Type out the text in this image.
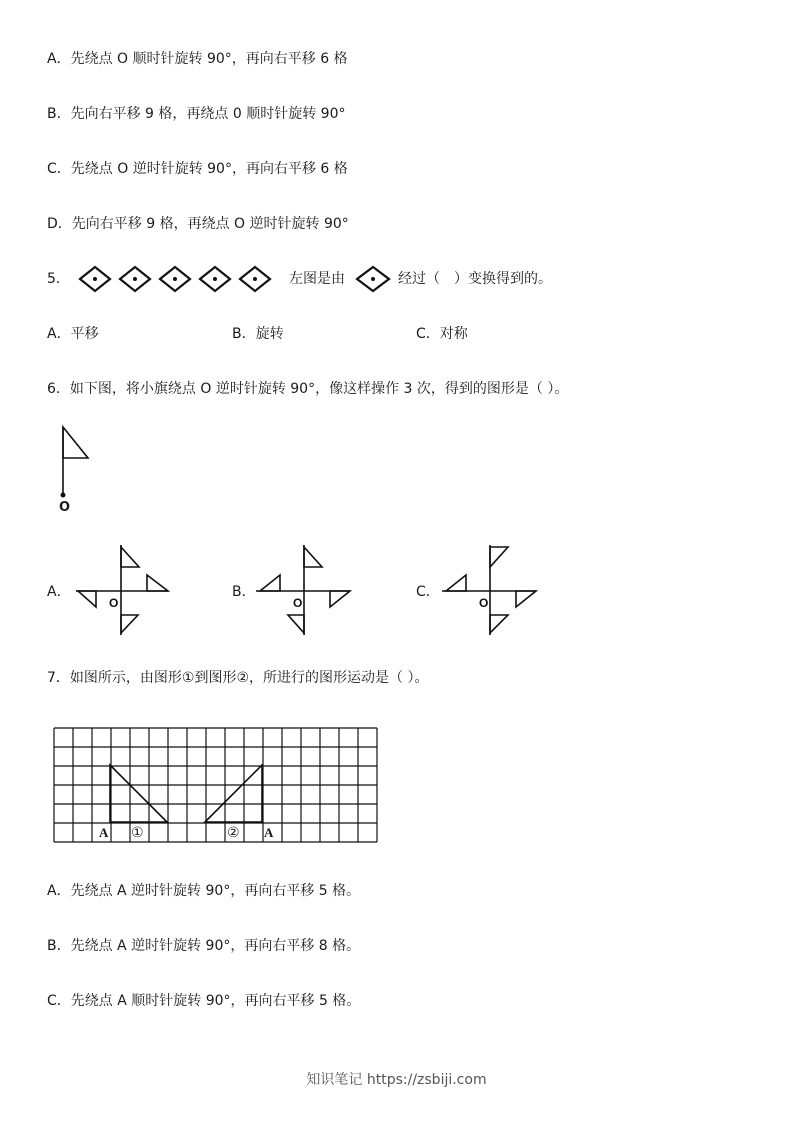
A．先绕点 O 顺时针旋转 90°，再向右平移 6 格
B．先向右平移 9 格，再绕点 0 顺时针旋转 90°
C．先绕点 O 逆时针旋转 90°，再向右平移 6 格
D．先向右平移 9 格，再绕点 O 逆时针旋转 90°
5．	左图是由	经过（　）变换得到的。
A．平移	B．旋转	C．对称
6．如下图，将小旗绕点 O 逆时针旋转 90°，像这样操作 3 次，得到的图形是（ ）。
O
A．
O
B．
O
C．
O
7．如图所示，由图形①到图形②，所进行的图形运动是（ ）。
A ①	② A
A．先绕点 A 逆时针旋转 90°，再向右平移 5 格。
B．先绕点 A 逆时针旋转 90°，再向右平移 8 格。
C．先绕点 A 顺时针旋转 90°，再向右平移 5 格。
知识笔记 https://zsbiji.com
